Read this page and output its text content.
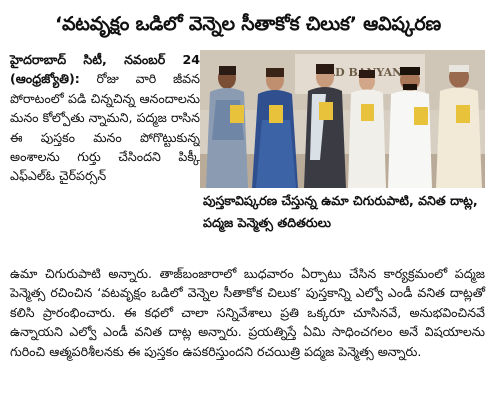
‘వటవృక్షం ఒడిలో వెన్నెల సీతాకోక చిలుక’ ఆవిష్కరణ
హైదరాబాద్ సిటీ, నవంబర్ 24 (ఆంధ్రజ్యోతి): రోజు వారి జీవన పోరాటంలో పడి చిన్నచిన్న ఆనందాలను మనం కోల్పోతు న్నామని, పద్మజ రాసిన ఈ పుస్తకం మనం పోగొట్టుకున్న అంశాలను గుర్తు చేసిందని పిక్కీ ఎఫ్ఎల్ఓ చైర్‌పర్సన్
BANYAN
పుస్తకావిష్కరణ చేస్తున్న ఉమా చిగురుపాటి, వనిత దాట్ల, పద్మజ పెన్మెత్స తదితరులు
ఉమా చిగురుపాటి అన్నారు. తాజ్‌బంజారాలో బుధవారం ఏర్పాటు చేసిన కార్యక్రమంలో పద్మజ పెన్మెత్స రచించిన ‘వటవృక్షం ఒడిలో వెన్నెల సీతాకోక చిలుక’ పుస్తకాన్ని ఎల్వో ఎండీ వనిత దాట్లతో కలిసి ప్రారంభించారు. ఈ కధలో చాలా సన్నివేశాలు ప్రతి ఒక్కరూ చూసినవే, అనుభవించినవే ఉన్నాయని ఎల్వో ఎండీ వనిత దాట్ల అన్నారు. ప్రయత్నిస్తే ఏమి సాధించగలం అనే విషయాలను గురించి ఆత్మపరిశీలనకు ఈ పుస్తకం ఉపకరిస్తుందని రచయిత్రి పద్మజ పెన్మెత్స అన్నారు.
